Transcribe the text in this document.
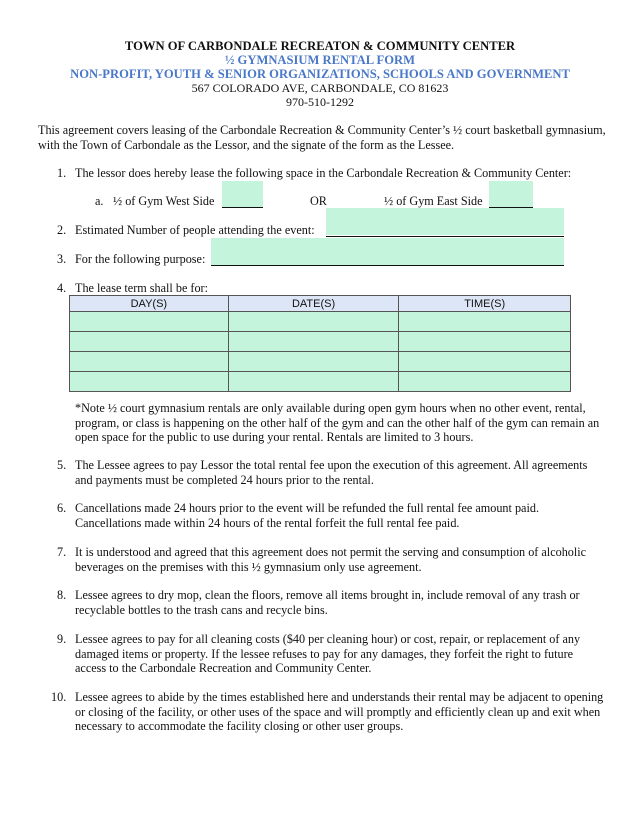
TOWN OF CARBONDALE RECREATON & COMMUNITY CENTER
½ GYMNASIUM RENTAL FORM
NON-PROFIT, YOUTH & SENIOR ORGANIZATIONS, SCHOOLS AND GOVERNMENT
567 COLORADO AVE, CARBONDALE, CO 81623
970-510-1292
This agreement covers leasing of the Carbondale Recreation & Community Center’s ½ court basketball gymnasium, with the Town of Carbondale as the Lessor, and the signate of the form as the Lessee.
1. The lessor does hereby lease the following space in the Carbondale Recreation & Community Center:
a. ½ of Gym West Side	OR	½ of Gym East Side
2. Estimated Number of people attending the event:
3. For the following purpose:
4. The lease term shall be for:
DAY(S)	DATE(S)	TIME(S)

*Note ½ court gymnasium rentals are only available during open gym hours when no other event, rental, program, or class is happening on the other half of the gym and can the other half of the gym can remain an open space for the public to use during your rental. Rentals are limited to 3 hours.
5. The Lessee agrees to pay Lessor the total rental fee upon the execution of this agreement. All agreements and payments must be completed 24 hours prior to the rental.
6. Cancellations made 24 hours prior to the event will be refunded the full rental fee amount paid. Cancellations made within 24 hours of the rental forfeit the full rental fee paid.
7. It is understood and agreed that this agreement does not permit the serving and consumption of alcoholic beverages on the premises with this ½ gymnasium only use agreement.
8. Lessee agrees to dry mop, clean the floors, remove all items brought in, include removal of any trash or recyclable bottles to the trash cans and recycle bins.
9. Lessee agrees to pay for all cleaning costs ($40 per cleaning hour) or cost, repair, or replacement of any damaged items or property. If the lessee refuses to pay for any damages, they forfeit the right to future access to the Carbondale Recreation and Community Center.
10. Lessee agrees to abide by the times established here and understands their rental may be adjacent to opening or closing of the facility, or other uses of the space and will promptly and efficiently clean up and exit when necessary to accommodate the facility closing or other user groups.
